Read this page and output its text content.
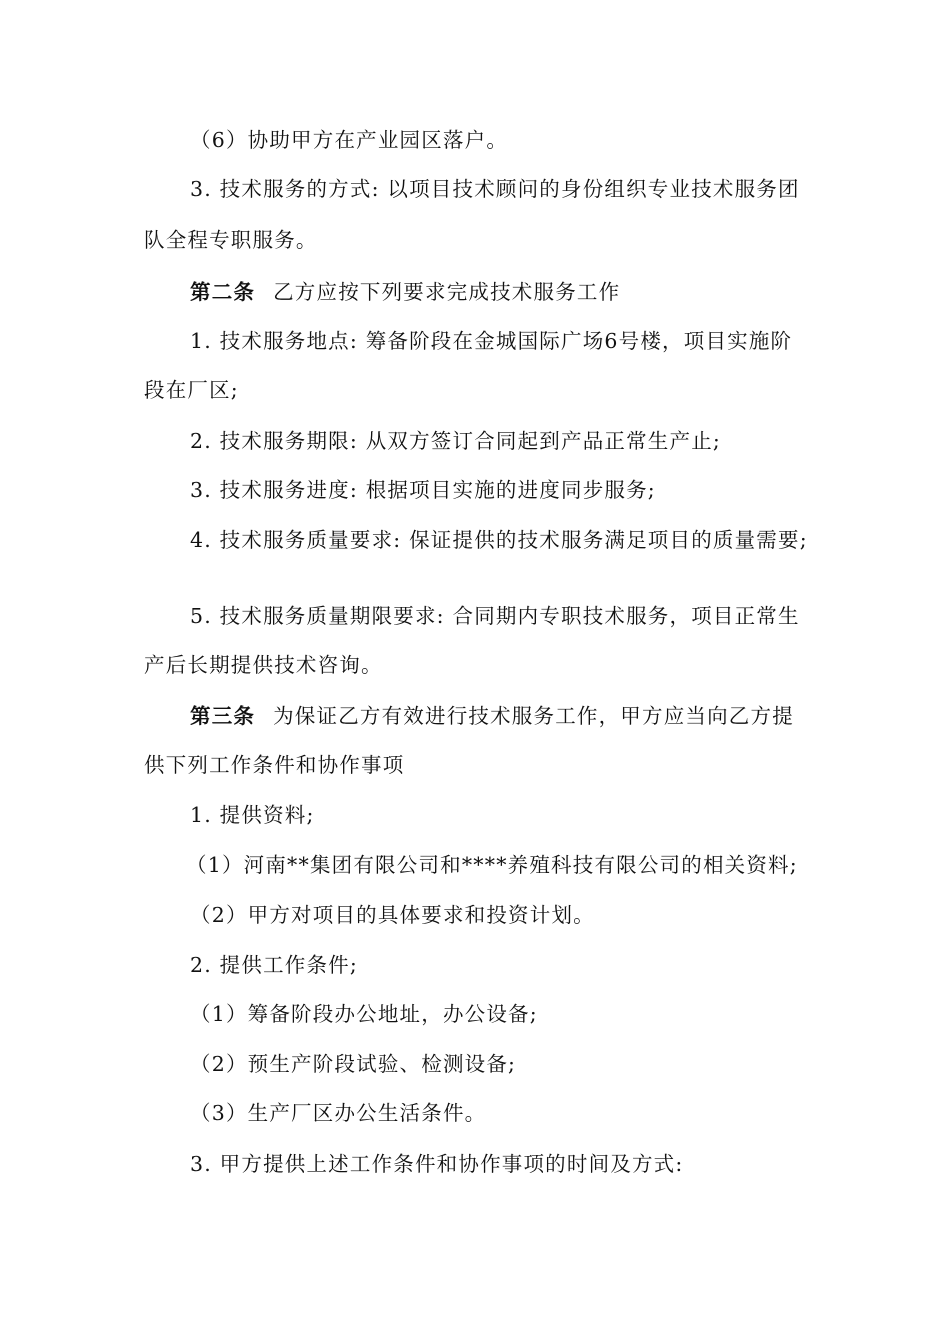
（6）协助甲方在产业园区落户。
3. 技术服务的方式: 以项目技术顾问的身份组织专业技术服务团
队全程专职服务。
第二条 乙方应按下列要求完成技术服务工作
1. 技术服务地点: 筹备阶段在金城国际广场6号楼，项目实施阶
段在厂区;
2. 技术服务期限: 从双方签订合同起到产品正常生产止;
3. 技术服务进度: 根据项目实施的进度同步服务;
4. 技术服务质量要求: 保证提供的技术服务满足项目的质量需要;
5. 技术服务质量期限要求: 合同期内专职技术服务，项目正常生
产后长期提供技术咨询。
第三条 为保证乙方有效进行技术服务工作，甲方应当向乙方提
供下列工作条件和协作事项
1. 提供资料;
（1）河南**集团有限公司和****养殖科技有限公司的相关资料;
（2）甲方对项目的具体要求和投资计划。
2. 提供工作条件;
（1）筹备阶段办公地址，办公设备;
（2）预生产阶段试验、检测设备;
（3）生产厂区办公生活条件。
3. 甲方提供上述工作条件和协作事项的时间及方式:
